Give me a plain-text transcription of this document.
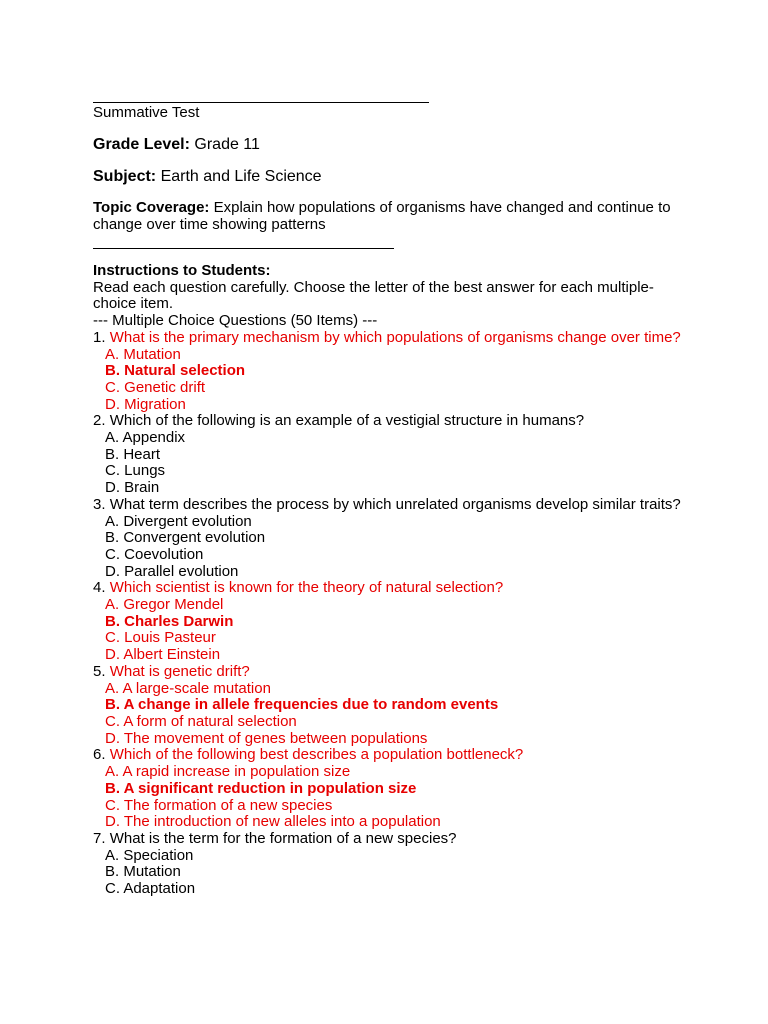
Summative Test
Grade Level: Grade 11
Subject: Earth and Life Science
Topic Coverage: Explain how populations of organisms have changed and continue to change over time showing patterns
Instructions to Students:
Read each question carefully. Choose the letter of the best answer for each multiple-choice item.
--- Multiple Choice Questions (50 Items) ---
1. What is the primary mechanism by which populations of organisms change over time?
A. Mutation
B. Natural selection
C. Genetic drift
D. Migration
2. Which of the following is an example of a vestigial structure in humans?
A. Appendix
B. Heart
C. Lungs
D. Brain
3. What term describes the process by which unrelated organisms develop similar traits?
A. Divergent evolution
B. Convergent evolution
C. Coevolution
D. Parallel evolution
4. Which scientist is known for the theory of natural selection?
A. Gregor Mendel
B. Charles Darwin
C. Louis Pasteur
D. Albert Einstein
5. What is genetic drift?
A. A large-scale mutation
B. A change in allele frequencies due to random events
C. A form of natural selection
D. The movement of genes between populations
6. Which of the following best describes a population bottleneck?
A. A rapid increase in population size
B. A significant reduction in population size
C. The formation of a new species
D. The introduction of new alleles into a population
7. What is the term for the formation of a new species?
A. Speciation
B. Mutation
C. Adaptation
